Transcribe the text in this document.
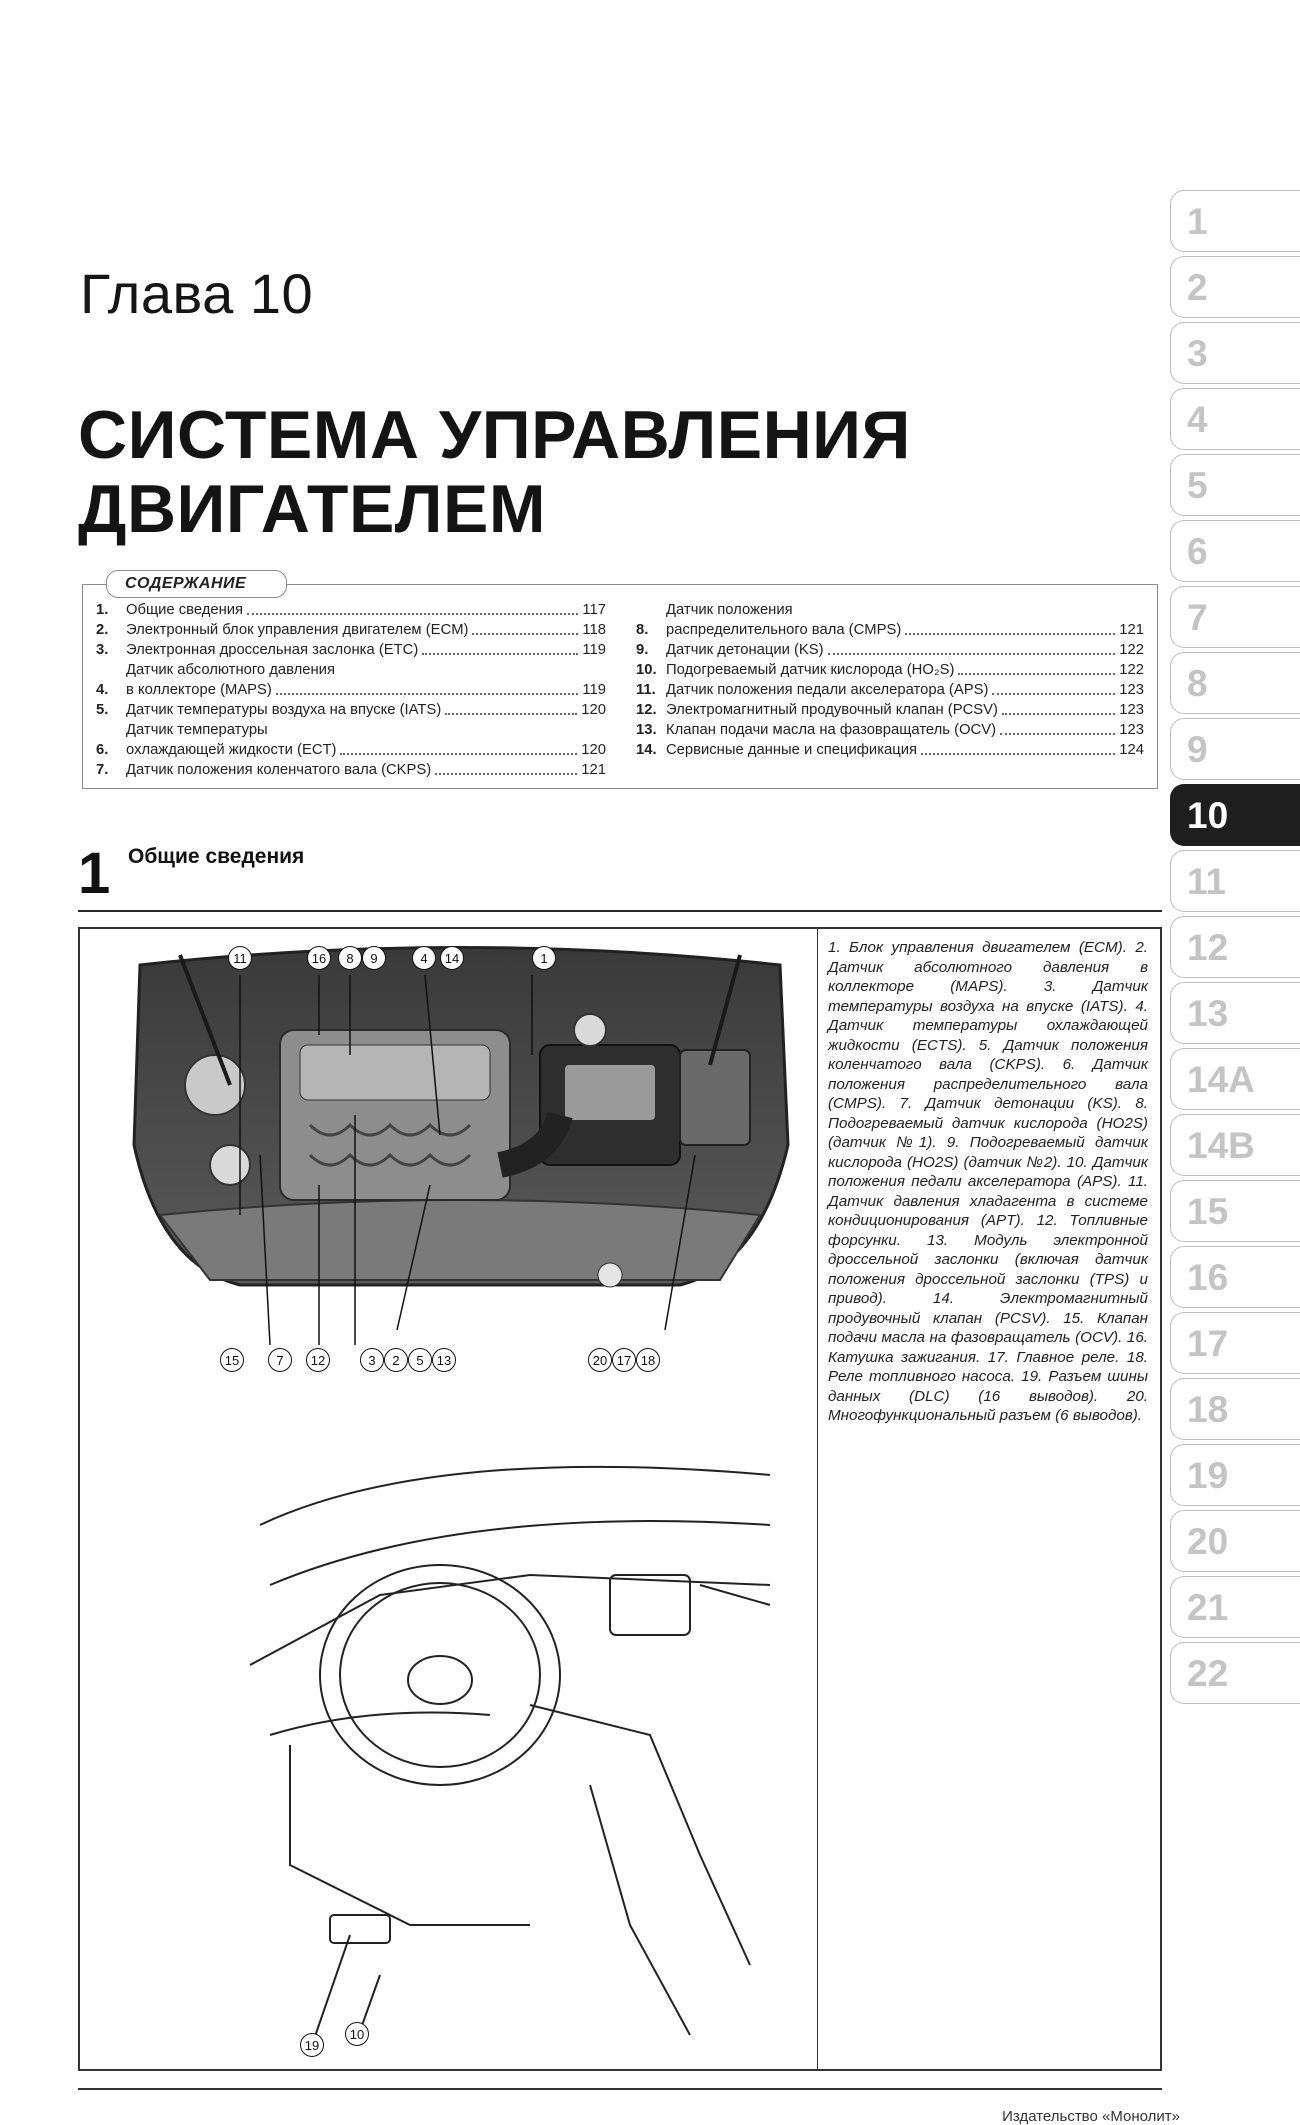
Глава 10
СИСТЕМА УПРАВЛЕНИЯ
ДВИГАТЕЛЕМ
СОДЕРЖАНИЕ
1.	Общие сведения	117
2.	Электронный блок управления двигателем (ECM)	118
3.	Электронная дроссельная заслонка (ETC)	119
4.
Датчик абсолютного давления
в коллекторе (MAPS)	119
5.	Датчик температуры воздуха на впуске (IATS)	120
6.
Датчик температуры
охлаждающей жидкости (ECT)	120
7.	Датчик положения коленчатого вала (CKPS)	121
8.
Датчик положения
распределительного вала (CMPS)	121
9.	Датчик детонации (KS)	122
10. Подогреваемый датчик кислорода (HO₂S)	122
11. Датчик положения педали акселератора (APS)	123
12. Электромагнитный продувочный клапан (PCSV)	123
13. Клапан подачи масла на фазовращатель (OCV)	123
14. Сервисные данные и спецификация	124
1 Общие сведения
11	16	8	9	4	14	1
15	7	12	3	2	5	13	20 17 18
19
10
1. Блок управления двигателем (ECM). 2. Датчик абсолютного давления в коллекторе (MAPS). 3. Датчик температуры воздуха на впуске (IATS). 4. Датчик температуры охлаждающей жидкости (ECTS). 5. Датчик положения коленчатого вала (CKPS). 6. Датчик положения распределительного вала (CMPS). 7. Датчик детонации (KS). 8. Подогреваемый датчик кислорода (HO2S) (датчик №1). 9. Подогреваемый датчик кислорода (HO2S) (датчик №2). 10. Датчик положения педали акселератора (APS). 11. Датчик давления хладагента в системе кондиционирования (APT). 12. Топливные форсунки. 13. Модуль электронной дроссельной заслонки (включая датчик положения дроссельной заслонки (TPS) и привод). 14. Электромагнитный продувочный клапан (PCSV). 15. Клапан подачи масла на фазовращатель (OCV). 16. Катушка зажигания. 17. Главное реле. 18. Реле топливного насоса. 19. Разъем шины данных (DLC) (16 выводов). 20. Многофункциональный разъем (6 выводов).
Издательство «Монолит»
1
2
3
4
5
6
7
8
9
10
11
12
13
14A
14B
15
16
17
18
19
20
21
22
